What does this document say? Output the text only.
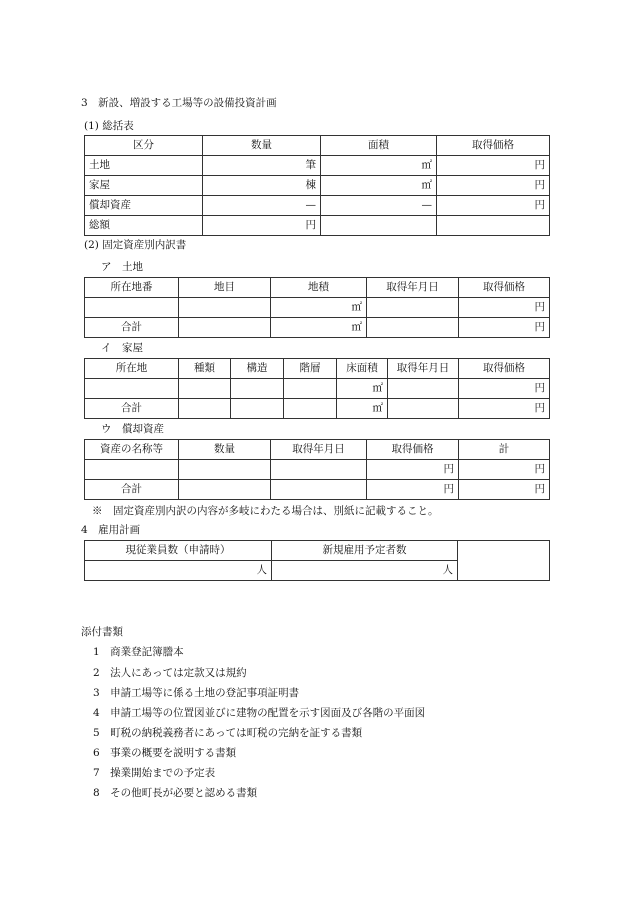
3　新設、増設する工場等の設備投資計画
(1) 総括表
区分	数量	面積	取得価格
土地	筆	㎡	円
家屋	棟	㎡	円
償却資産	—	—	円
総額	円		
(2) 固定資産別内訳書
ア　土地
所在地番	地目	地積	取得年月日	取得価格
		㎡		円
合計		㎡		円
イ　家屋
所在地	種類	構造	階層	床面積	取得年月日	取得価格
				㎡		円
合計				㎡		円
ウ　償却資産
資産の名称等	数量	取得年月日	取得価格	計
			円	円
合計			円	円
※　固定資産別内訳の内容が多岐にわたる場合は、別紙に記載すること。
4　雇用計画
現従業員数（申請時）	新規雇用予定者数	
人	人	
添付書類
1　商業登記簿謄本
2　法人にあっては定款又は規約
3　申請工場等に係る土地の登記事項証明書
4　申請工場等の位置図並びに建物の配置を示す図面及び各階の平面図
5　町税の納税義務者にあっては町税の完納を証する書類
6　事業の概要を説明する書類
7　操業開始までの予定表
8　その他町長が必要と認める書類
